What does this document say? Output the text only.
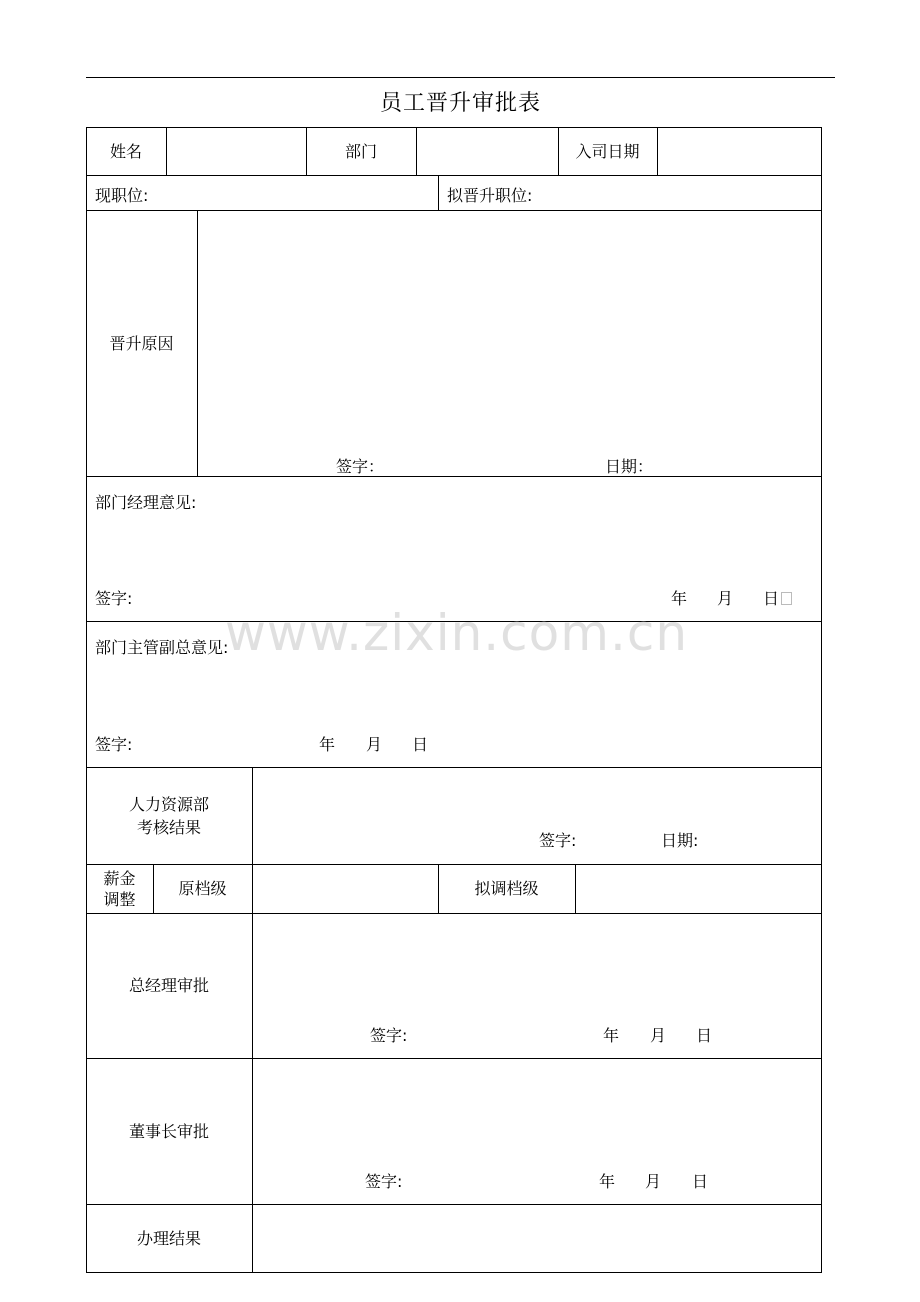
员工晋升审批表
姓名	部门	入司日期
现职位:	拟晋升职位:
晋升原因
签字：	日期：
部门经理意见:
签字:	年 月 日
部门主管副总意见:
签字:	年 月 日
人力资源部
考核结果
签字:	日期:
薪金
调整
原档级	拟调档级
总经理审批
签字:	年 月 日
董事长审批
签字:	年 月 日
办理结果
www.zixin.com.cn
